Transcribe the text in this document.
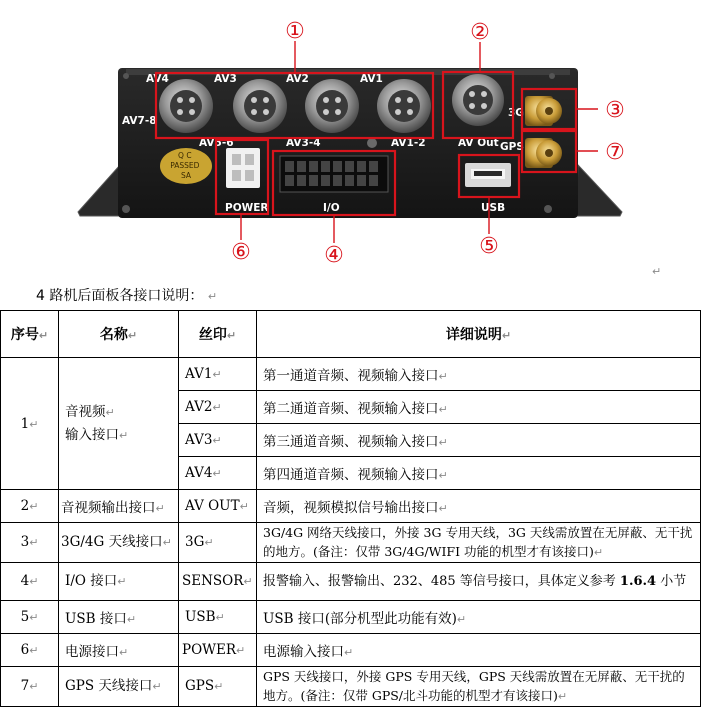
Q C PASSED SA
AV4	AV3	AV2	AV1
AV7-8
AV5-6	AV3-4	AV1-2	AV Out
3G
GPS
POWER	I/O	USB
①	②
③
④	⑤
⑥
⑦
↵
4 路机后面板各接口说明： ↵
序号↵	名称↵	丝印↵	详细说明↵
1↵	音视频↵
输入接口↵	AV1↵	第一通道音频、视频输入接口↵
		AV2↵	第二通道音频、视频输入接口↵
		AV3↵	第三通道音频、视频输入接口↵
		AV4↵	第四通道音频、视频输入接口↵
2↵	音视频输出接口↵	AV OUT↵	音频，视频模拟信号输出接口↵
3↵	3G/4G 天线接口↵	3G↵	3G/4G 网络天线接口，外接 3G 专用天线，3G 天线需放置在无屏蔽、无干扰的地方。(备注：仅带 3G/4G/WIFI 功能的机型才有该接口)↵
4↵	I/O 接口↵	SENSOR↵	报警输入、报警输出、232、485 等信号接口，具体定义参考 1.6.4 小节
5↵	USB 接口↵	USB↵	USB 接口(部分机型此功能有效)↵
6↵	电源接口↵	POWER↵	电源输入接口↵
7↵	GPS 天线接口↵	GPS↵	GPS 天线接口，外接 GPS 专用天线，GPS 天线需放置在无屏蔽、无干扰的地方。(备注：仅带 GPS/北斗功能的机型才有该接口)↵
